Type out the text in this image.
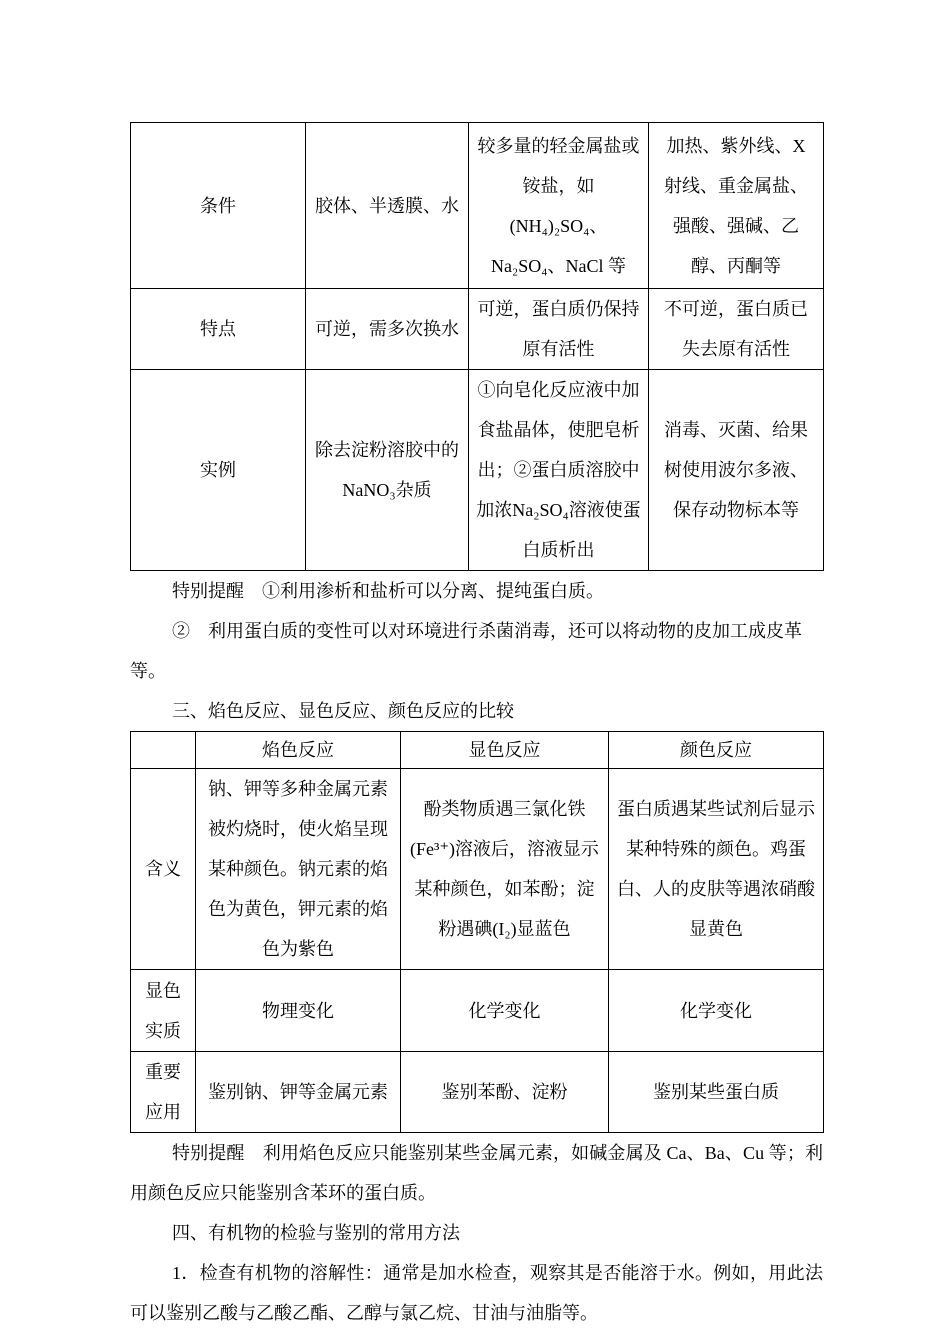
条件	胶体、半透膜、水	较多量的轻金属盐或铵盐，如(NH₄)₂SO₄、Na₂SO₄、NaCl 等	加热、紫外线、X 射线、重金属盐、强酸、强碱、乙醇、丙酮等
特点	可逆，需多次换水	可逆，蛋白质仍保持原有活性	不可逆，蛋白质已失去原有活性
实例	除去淀粉溶胶中的NaNO₃杂质	①向皂化反应液中加食盐晶体，使肥皂析出；②蛋白质溶胶中加浓Na₂SO₄溶液使蛋白质析出	消毒、灭菌、给果树使用波尔多液、保存动物标本等

特别提醒　①利用渗析和盐析可以分离、提纯蛋白质。

②　利用蛋白质的变性可以对环境进行杀菌消毒，还可以将动物的皮加工成皮革等。

三、焰色反应、显色反应、颜色反应的比较

	焰色反应	显色反应	颜色反应
含义	钠、钾等多种金属元素被灼烧时，使火焰呈现某种颜色。钠元素的焰色为黄色，钾元素的焰色为紫色	酚类物质遇三氯化铁(Fe³⁺)溶液后，溶液显示某种颜色，如苯酚；淀粉遇碘(I₂)显蓝色	蛋白质遇某些试剂后显示某种特殊的颜色。鸡蛋白、人的皮肤等遇浓硝酸显黄色
显色实质	物理变化	化学变化	化学变化
重要应用	鉴别钠、钾等金属元素	鉴别苯酚、淀粉	鉴别某些蛋白质

特别提醒　利用焰色反应只能鉴别某些金属元素，如碱金属及 Ca、Ba、Cu 等；利用颜色反应只能鉴别含苯环的蛋白质。

四、有机物的检验与鉴别的常用方法

1．检查有机物的溶解性：通常是加水检查，观察其是否能溶于水。例如，用此法可以鉴别乙酸与乙酸乙酯、乙醇与氯乙烷、甘油与油脂等。
